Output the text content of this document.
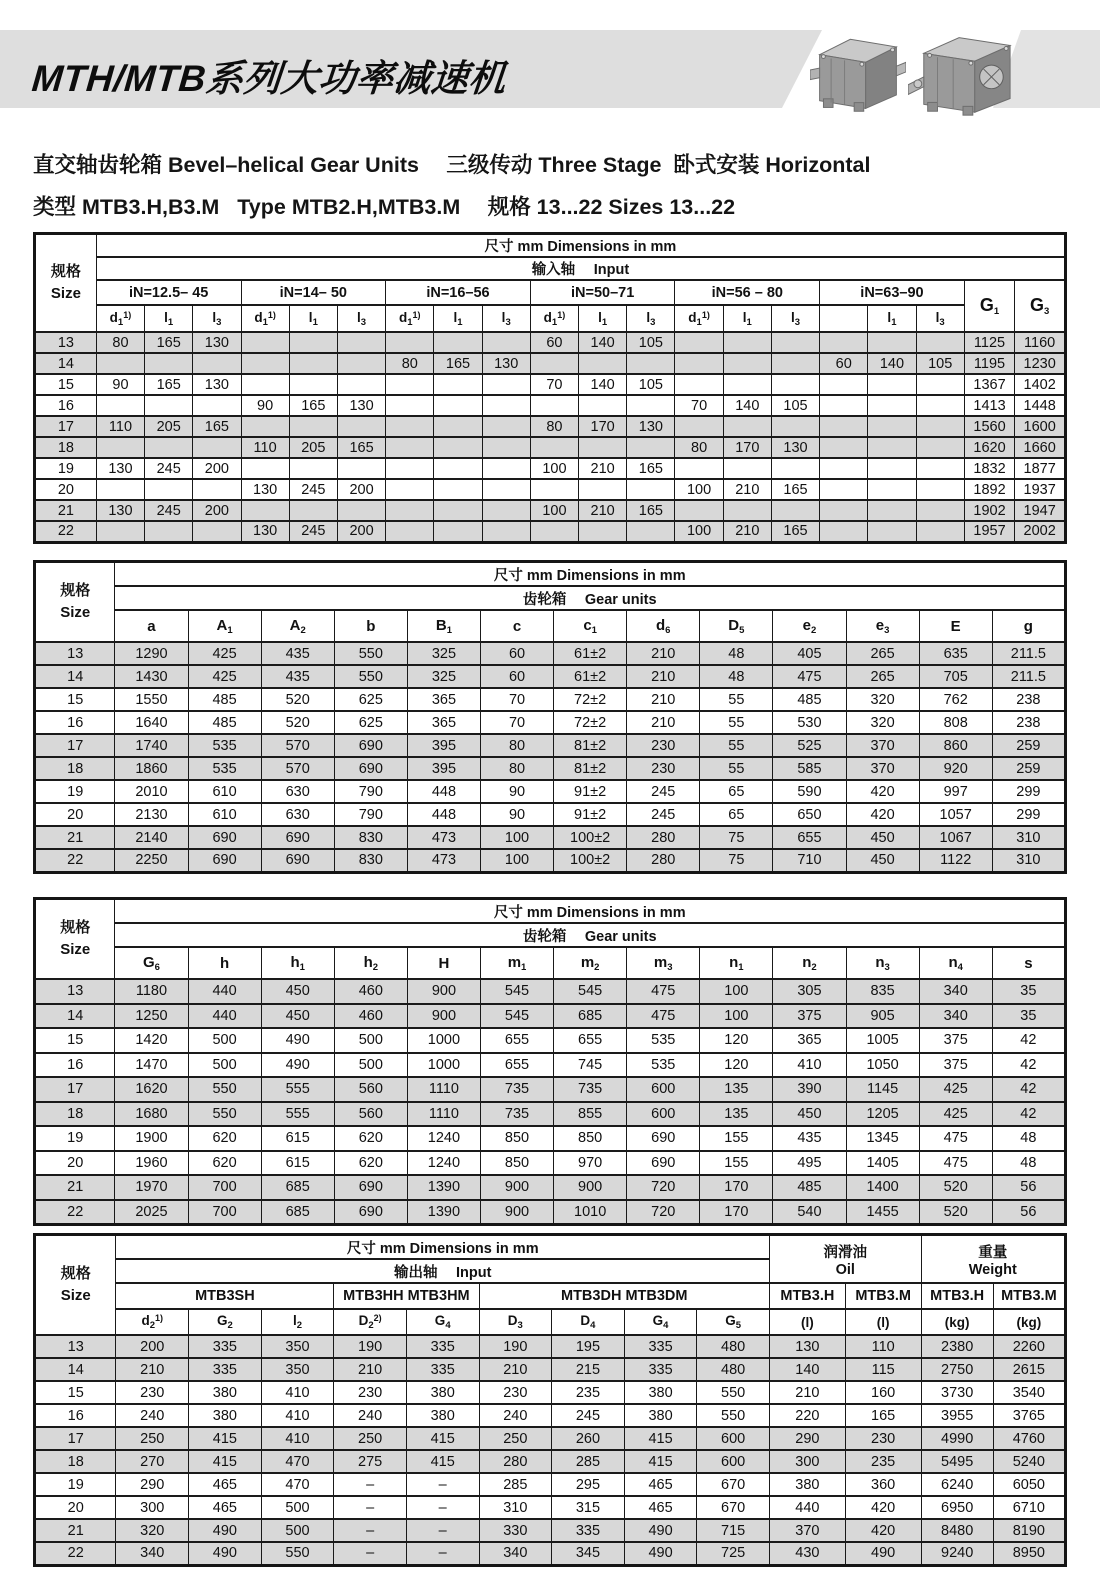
MTH/MTB系列大功率减速机
直交轴齿轮箱 Bevel–helical Gear Units　 三级传动 Three Stage  卧式安装 Horizontal
类型 MTB3.H,B3.M   Type MTB2.H,MTB3.M　 规格 13...22 Sizes 13...22
规格
Size	尺寸 mm Dimensions in mm																			
	输入轴　 Input																			
	iN=12.5– 45			iN=14– 50			iN=16–56			iN=50–71			iN=56 – 80			iN=63–90			$G_1$	$G_3$
	$d_1^{1)}$	$l_1$	$l_3$	$d_1^{1)}$	$l_1$	$l_3$	$d_1^{1)}$	$l_1$	$l_3$	$d_1^{1)}$	$l_1$	$l_3$	$d_1^{1)}$	$l_1$	$l_3$		$l_1$	$l_3$
13	80	165	130							60	140	105							1125	1160
14							80	165	130							60	140	105	1195	1230
15	90	165	130							70	140	105							1367	1402
16				90	165	130							70	140	105				1413	1448
17	110	205	165							80	170	130							1560	1600
18				110	205	165							80	170	130				1620	1660
19	130	245	200							100	210	165							1832	1877
20				130	245	200							100	210	165				1892	1937
21	130	245	200							100	210	165							1902	1947
22				130	245	200							100	210	165				1957	2002
规格
Size	尺寸 mm Dimensions in mm												
	齿轮箱　 Gear units												
	a	$A_1$	$A_2$	b	$B_1$	c	$c_1$	$d_6$	$D_5$	$e_2$	$e_3$	E	g
13	1290	425	435	550	325	60	61±2	210	48	405	265	635	211.5
14	1430	425	435	550	325	60	61±2	210	48	475	265	705	211.5
15	1550	485	520	625	365	70	72±2	210	55	485	320	762	238
16	1640	485	520	625	365	70	72±2	210	55	530	320	808	238
17	1740	535	570	690	395	80	81±2	230	55	525	370	860	259
18	1860	535	570	690	395	80	81±2	230	55	585	370	920	259
19	2010	610	630	790	448	90	91±2	245	65	590	420	997	299
20	2130	610	630	790	448	90	91±2	245	65	650	420	1057	299
21	2140	690	690	830	473	100	100±2	280	75	655	450	1067	310
22	2250	690	690	830	473	100	100±2	280	75	710	450	1122	310
规格
Size	尺寸 mm Dimensions in mm												
	齿轮箱　 Gear units												
	$G_6$	h	$h_1$	$h_2$	H	$m_1$	$m_2$	$m_3$	$n_1$	$n_2$	$n_3$	$n_4$	s
13	1180	440	450	460	900	545	545	475	100	305	835	340	35
14	1250	440	450	460	900	545	685	475	100	375	905	340	35
15	1420	500	490	500	1000	655	655	535	120	365	1005	375	42
16	1470	500	490	500	1000	655	745	535	120	410	1050	375	42
17	1620	550	555	560	1110	735	735	600	135	390	1145	425	42
18	1680	550	555	560	1110	735	855	600	135	450	1205	425	42
19	1900	620	615	620	1240	850	850	690	155	435	1345	475	48
20	1960	620	615	620	1240	850	970	690	155	495	1405	475	48
21	1970	700	685	690	1390	900	900	720	170	485	1400	520	56
22	2025	700	685	690	1390	900	1010	720	170	540	1455	520	56
规格
Size	尺寸 mm Dimensions in mm									润滑油
Oil		重量
Weight	
	输出轴　 Input												
	MTB3SH			MTB3HH MTB3HM		MTB3DH MTB3DM				MTB3.H	MTB3.M	MTB3.H	MTB3.M
	$d_2^{1)}$	$G_2$	$l_2$	$D_2^{2)}$	$G_4$	$D_3$	$D_4$	$G_4$	$G_5$	(l)	(l)	(kg)	(kg)
13	200	335	350	190	335	190	195	335	480	130	110	2380	2260
14	210	335	350	210	335	210	215	335	480	140	115	2750	2615
15	230	380	410	230	380	230	235	380	550	210	160	3730	3540
16	240	380	410	240	380	240	245	380	550	220	165	3955	3765
17	250	415	410	250	415	250	260	415	600	290	230	4990	4760
18	270	415	470	275	415	280	285	415	600	300	235	5495	5240
19	290	465	470	–	–	285	295	465	670	380	360	6240	6050
20	300	465	500	–	–	310	315	465	670	440	420	6950	6710
21	320	490	500	–	–	330	335	490	715	370	420	8480	8190
22	340	490	550	–	–	340	345	490	725	430	490	9240	8950
